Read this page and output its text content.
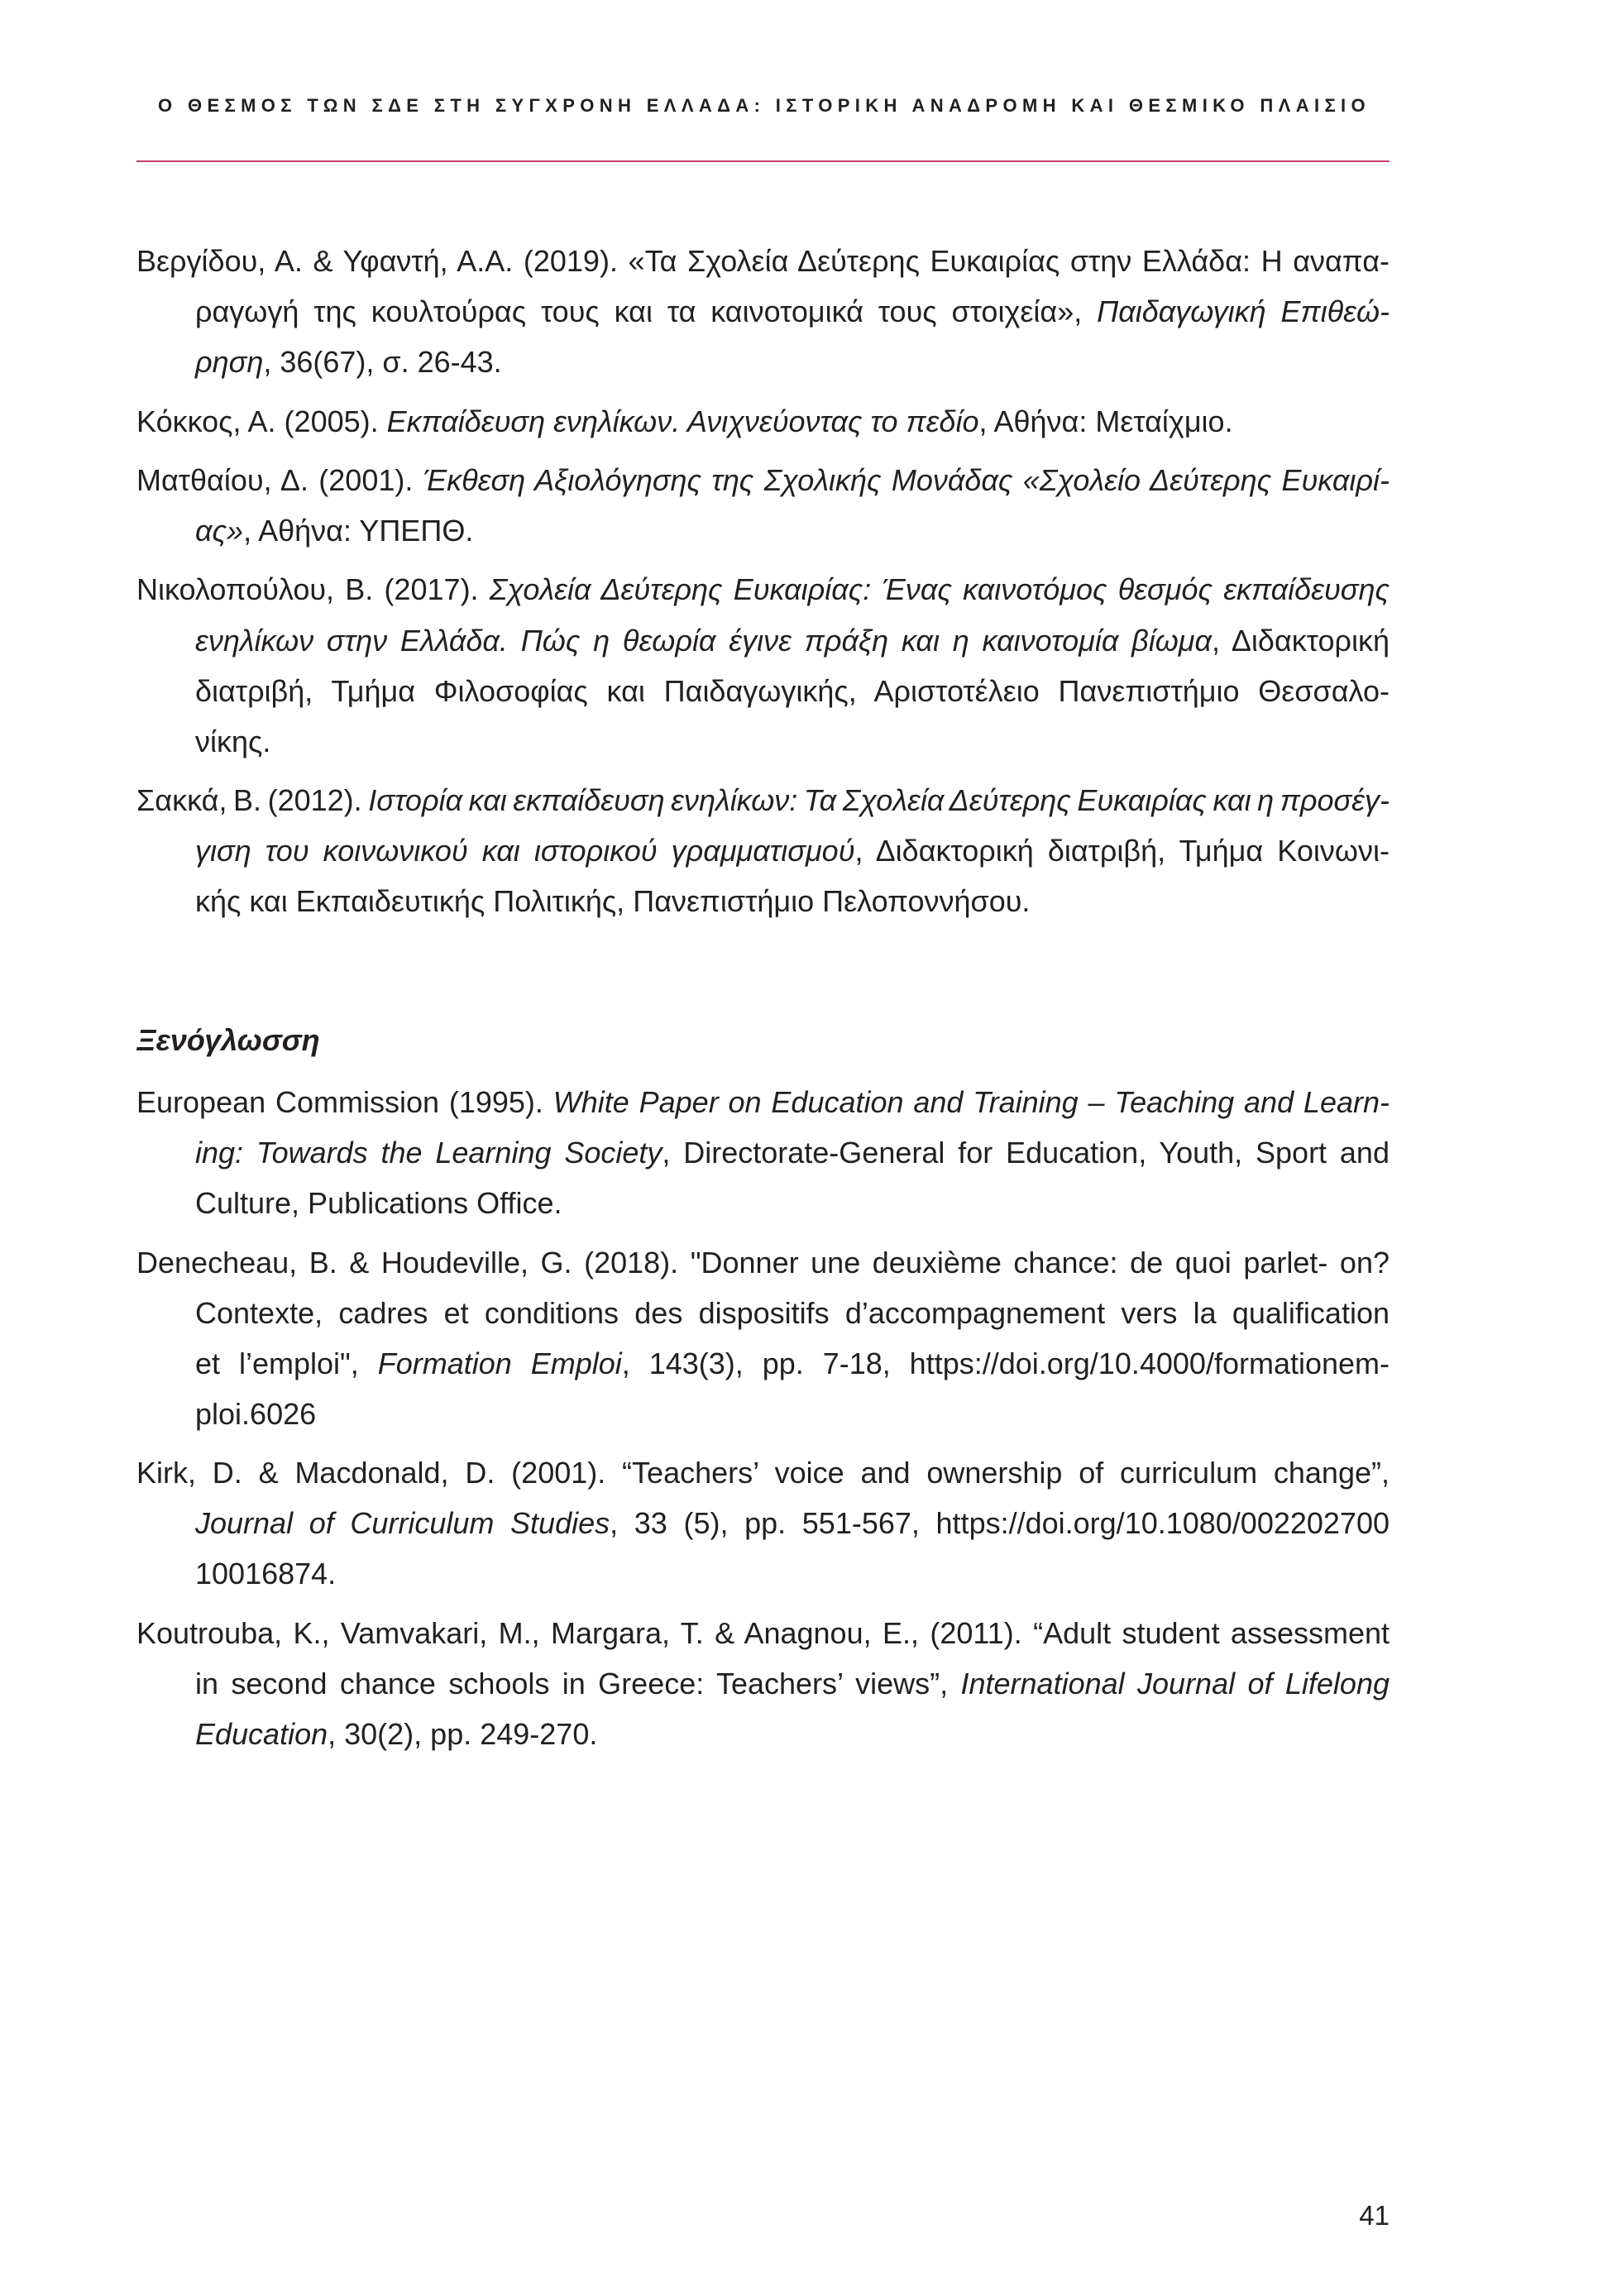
Ο ΘΕΣΜΟΣ ΤΩΝ ΣΔΕ ΣΤΗ ΣΥΓΧΡΟΝΗ ΕΛΛΑΔΑ: ΙΣΤΟΡΙΚΗ ΑΝΑΔΡΟΜΗ ΚΑΙ ΘΕΣΜΙΚΟ ΠΛΑΙΣΙΟ
Βεργίδου, Α. & Υφαντή, Α.Α. (2019). «Τα Σχολεία Δεύτερης Ευκαιρίας στην Ελλάδα: Η αναπα-
ραγωγή της κουλτούρας τους και τα καινοτομικά τους στοιχεία», Παιδαγωγική Επιθεώ-
ρηση, 36(67), σ. 26-43.
Κόκκος, Α. (2005). Εκπαίδευση ενηλίκων. Ανιχνεύοντας το πεδίο, Αθήνα: Μεταίχμιο.
Ματθαίου, Δ. (2001). Έκθεση Αξιολόγησης της Σχολικής Μονάδας «Σχολείο Δεύτερης Ευκαιρί-
ας», Αθήνα: ΥΠΕΠΘ.
Νικολοπούλου, Β. (2017). Σχολεία Δεύτερης Ευκαιρίας: Ένας καινοτόμος θεσμός εκπαίδευσης
ενηλίκων στην Ελλάδα. Πώς η θεωρία έγινε πράξη και η καινοτομία βίωμα, Διδακτορική
διατριβή, Τμήμα Φιλοσοφίας και Παιδαγωγικής, Αριστοτέλειο Πανεπιστήμιο Θεσσαλο-
νίκης.
Σακκά, Β. (2012). Ιστορία και εκπαίδευση ενηλίκων: Τα Σχολεία Δεύτερης Ευκαιρίας και η προσέγ-
γιση του κοινωνικού και ιστορικού γραμματισμού, Διδακτορική διατριβή, Τμήμα Κοινωνι-
κής και Εκπαιδευτικής Πολιτικής, Πανεπιστήμιο Πελοποννήσου.
Ξενόγλωσση
European Commission (1995). White Paper on Education and Training – Teaching and Learn-
ing: Towards the Learning Society, Directorate-General for Education, Youth, Sport and
Culture, Publications Office.
Denecheau, B. & Houdeville, G. (2018). "Donner une deuxième chance: de quoi parlet- on?
Contexte, cadres et conditions des dispositifs d’accompagnement vers la qualification
et l’emploi", Formation Emploi, 143(3), pp. 7-18, https://doi.org/10.4000/formationem-
ploi.6026
Kirk, D. & Macdonald, D. (2001). “Teachers’ voice and ownership of curriculum change”,
Journal of Curriculum Studies, 33 (5), pp. 551-567, https://doi.org/10.1080/002202700
10016874.
Koutrouba, K., Vamvakari, M., Margara, T. & Anagnou, E., (2011). “Adult student assessment
in second chance schools in Greece: Teachers’ views”, International Journal of Lifelong
Education, 30(2), pp. 249-270.
41
